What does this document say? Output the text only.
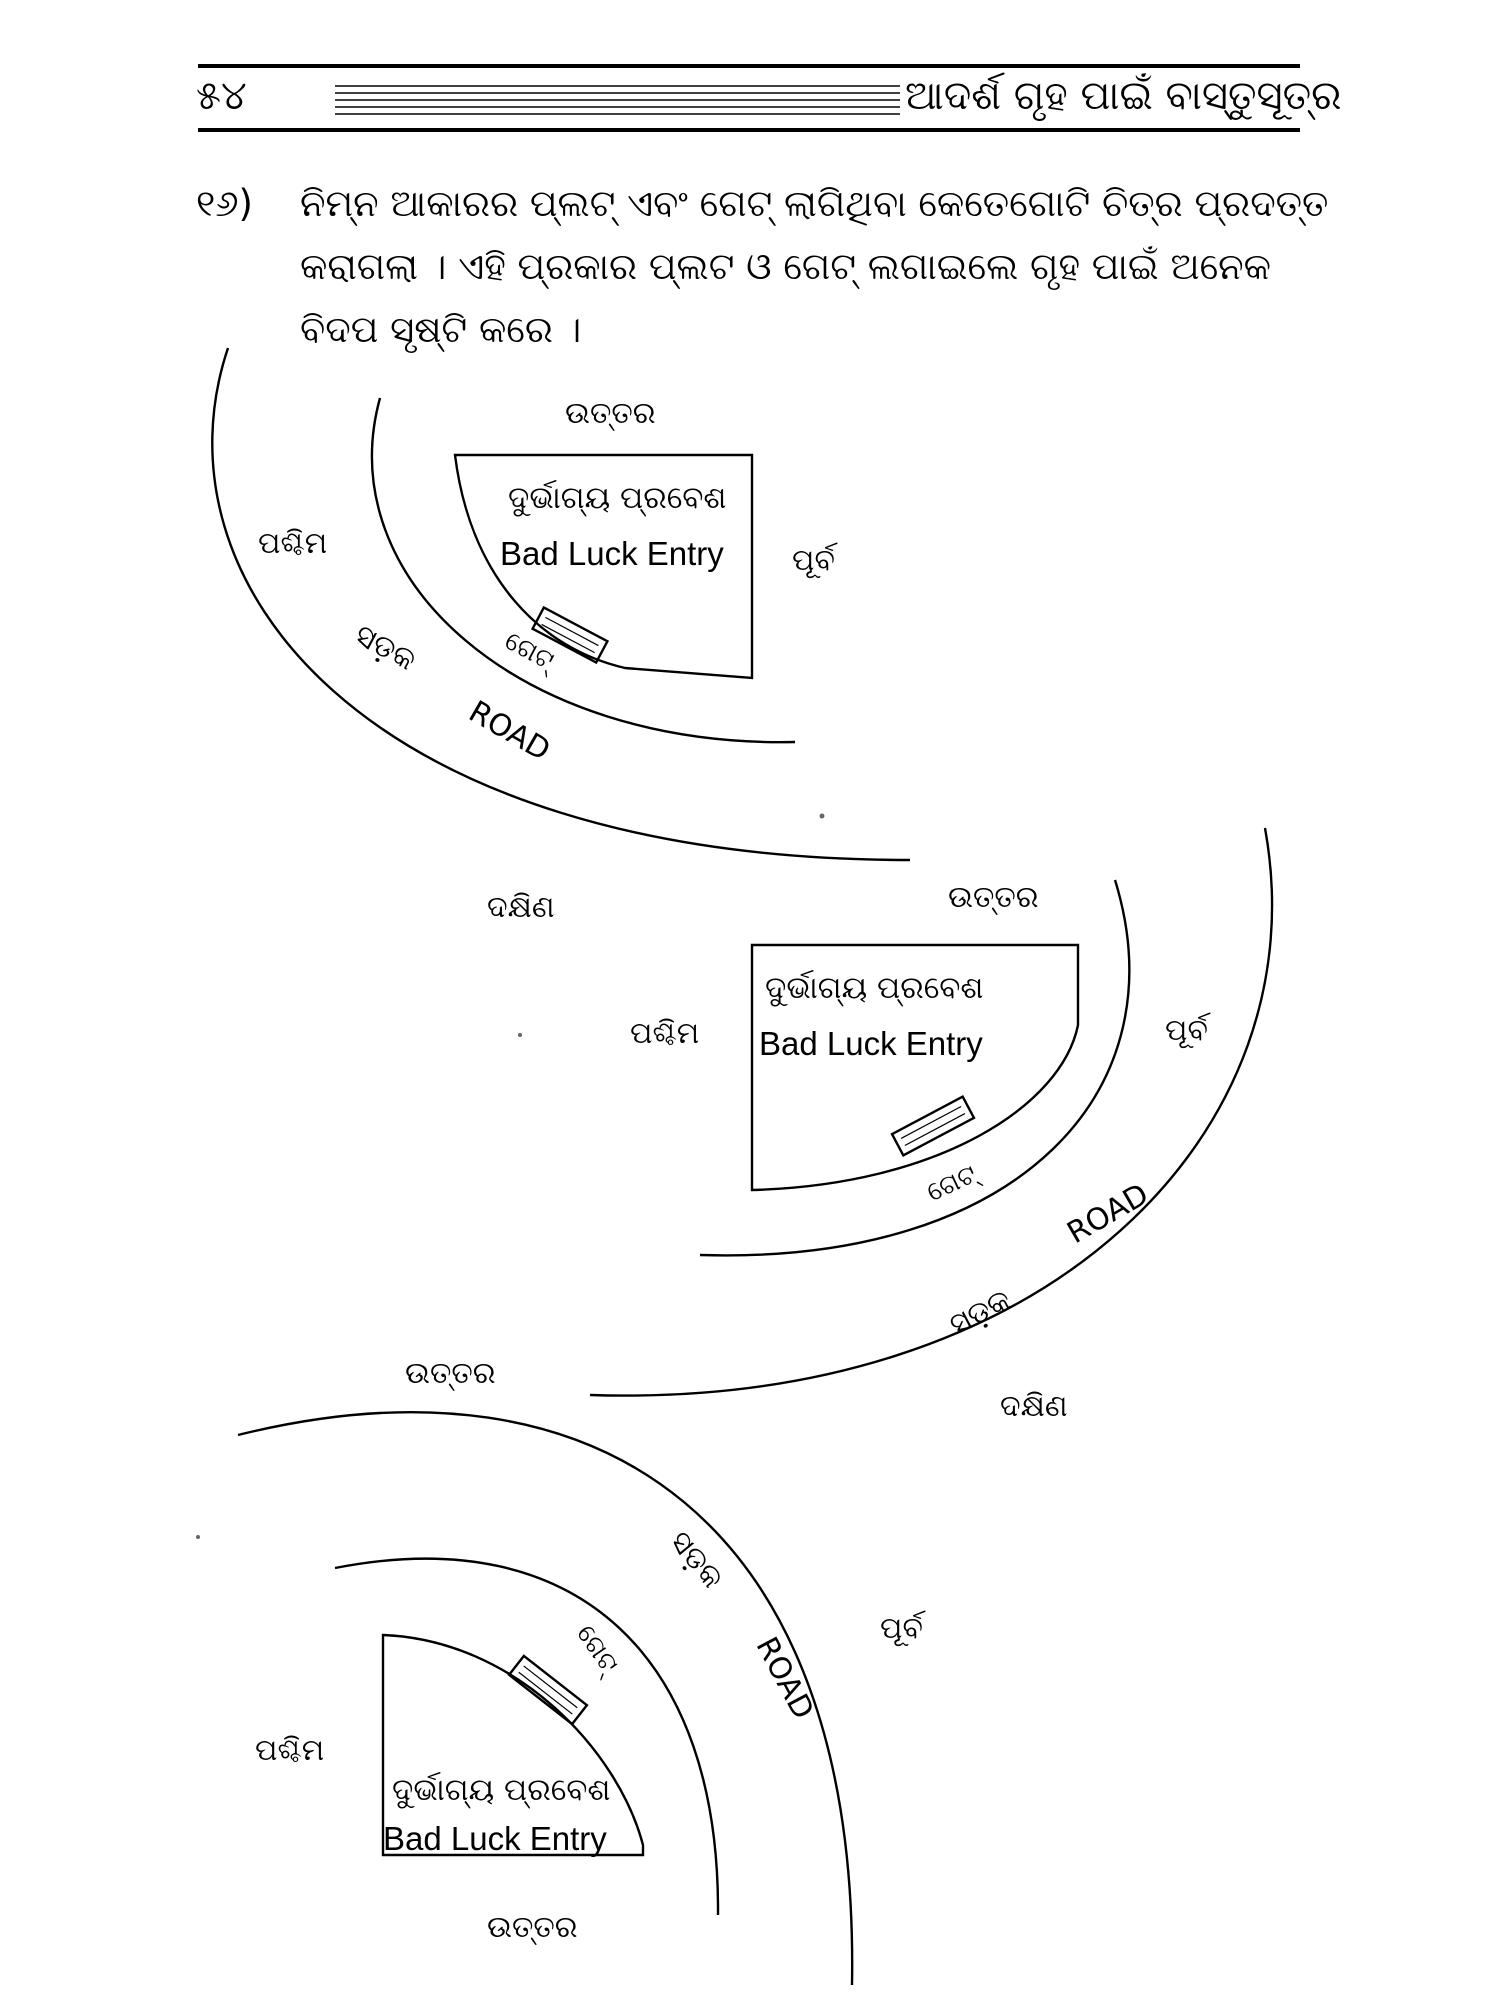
୫୪	ଆଦର୍ଶ ଗୃହ ପାଇଁ ବାସ୍ତୁସୂତ୍ର
୧୬) ନିମ୍ନ ଆକାରର ପ୍ଲଟ୍ ଏବଂ ଗେଟ୍ ଲାଗିଥିବା କେତେଗୋଟି ଚିତ୍ର ପ୍ରଦତ୍ତ
କରାଗଲା । ଏହି ପ୍ରକାର ପ୍ଲଟ ଓ ଗେଟ୍ ଲଗାଇଲେ ଗୃହ ପାଇଁ ଅନେକ
ବିଦପ ସୃଷ୍ଟି କରେ ।
ଗେଟ୍
ଦୁର୍ଭାଗ୍ୟ ପ୍ରବେଶ
Bad Luck Entry
ଉତ୍ତର
ପଶ୍ଚିମ	ପୂର୍ବ
ଦକ୍ଷିଣ
ସଡ଼କ
ROAD
ଗେଟ୍
ଦୁର୍ଭାଗ୍ୟ ପ୍ରବେଶ
Bad Luck Entry
ଉତ୍ତର
ପଶ୍ଚିମ	ପୂର୍ବ
ଦକ୍ଷିଣ
ସଡ଼କ
ROAD
ଗେଟ୍
ଦୁର୍ଭାଗ୍ୟ ପ୍ରବେଶ
Bad Luck Entry
ଉତ୍ତର
ଉତ୍ତର
ପଶ୍ଚିମ
ପୂର୍ବ
ସଡ଼କ
ROAD
